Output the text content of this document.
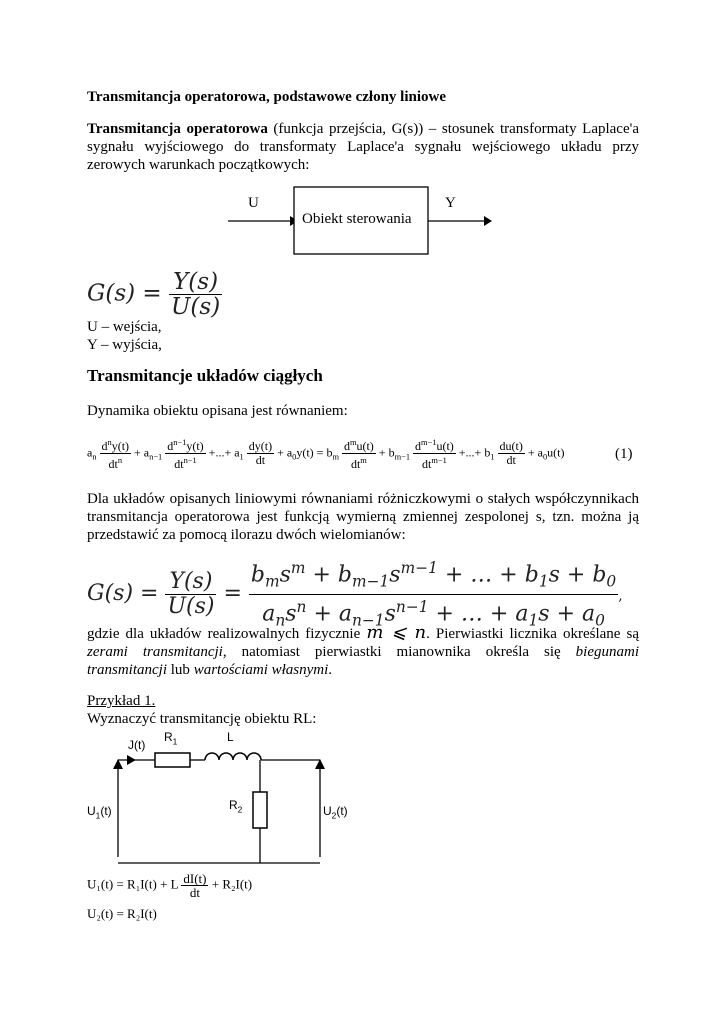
Transmitancja operatorowa, podstawowe człony liniowe
Transmitancja operatorowa (funkcja przejścia, G(s)) – stosunek transformaty Laplace'a sygnału wyjściowego do transformaty Laplace'a sygnału wejściowego układu przy zerowych warunkach początkowych:
U	Y
Obiekt sterowania
$G(s) = \frac{Y(s)}{U(s)}$
U – wejścia,
Y – wyjścia,
Transmitancje układów ciągłych
Dynamika obiektu opisana jest równaniem:
$a_n \frac{d^ny(t)}{dt^n} + a_{n-1} \frac{d^{n-1}y(t)}{dt^{n-1}}$ +...+ $a_1 \frac{dy(t)}{dt} + a_0y(t) = b_m \frac{d^mu(t)}{dt^m} + b_{m-1} \frac{d^{m-1}u(t)}{dt^{m-1}}$ +...+ $b_1 \frac{du(t)}{dt} + a_0u(t)$	(1)
Dla układów opisanych liniowymi równaniami różniczkowymi o stałych współczynnikach transmitancja operatorowa jest funkcją wymierną zmiennej zespolonej s, tzn. można ją przedstawić za pomocą ilorazu dwóch wielomianów:
$G(s) = \frac{Y(s)}{U(s)} = \frac{b_ms^m + b_{m-1}s^{m-1} + \dots + b_1s + b_0}{a_ns^n + a_{n-1}s^{n-1} + \dots + a_1s + a_0}$ ,
gdzie dla układów realizowalnych fizycznie m ⩽ n. Pierwiastki licznika określane są zerami transmitancji, natomiast pierwiastki mianownika określa się biegunami transmitancji lub wartościami własnymi.
Przykład 1.
Wyznaczyć transmitancję obiektu RL:
J(t)
$R_1$	L
$R_2$
$U_1(t)$	$U_2(t)$
U₁(t) = R₁I(t) + L $\frac{dI(t)}{dt} + R_2I(t)$
U₂(t) = R₂I(t)
